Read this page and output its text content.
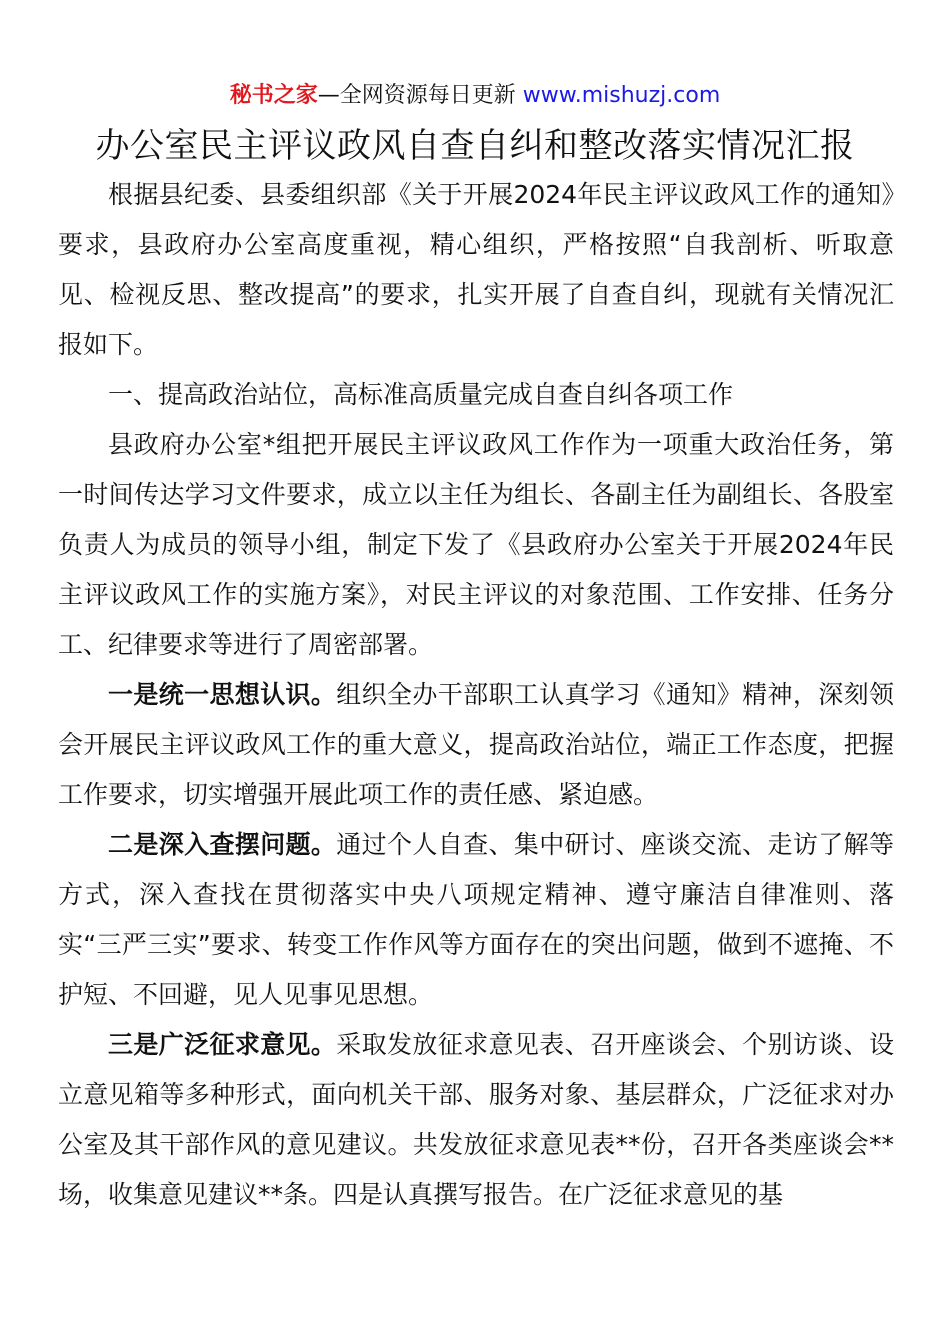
秘书之家—全网资源每日更新 www.mishuzj.com
办公室民主评议政风自查自纠和整改落实情况汇报

根据县纪委、县委组织部《关于开展2024年民主评议政风工作的通知》要求，县政府办公室高度重视，精心组织，严格按照“自我剖析、听取意见、检视反思、整改提高”的要求，扎实开展了自查自纠，现就有关情况汇报如下。

一、提高政治站位，高标准高质量完成自查自纠各项工作

县政府办公室*组把开展民主评议政风工作作为一项重大政治任务，第一时间传达学习文件要求，成立以主任为组长、各副主任为副组长、各股室负责人为成员的领导小组，制定下发了《县政府办公室关于开展2024年民主评议政风工作的实施方案》，对民主评议的对象范围、工作安排、任务分工、纪律要求等进行了周密部署。

一是统一思想认识。组织全办干部职工认真学习《通知》精神，深刻领会开展民主评议政风工作的重大意义，提高政治站位，端正工作态度，把握工作要求，切实增强开展此项工作的责任感、紧迫感。

二是深入查摆问题。通过个人自查、集中研讨、座谈交流、走访了解等方式，深入查找在贯彻落实中央八项规定精神、遵守廉洁自律准则、落实“三严三实”要求、转变工作作风等方面存在的突出问题，做到不遮掩、不护短、不回避，见人见事见思想。

三是广泛征求意见。采取发放征求意见表、召开座谈会、个别访谈、设立意见箱等多种形式，面向机关干部、服务对象、基层群众，广泛征求对办公室及其干部作风的意见建议。共发放征求意见表**份，召开各类座谈会**场，收集意见建议**条。四是认真撰写报告。在广泛征求意见的基
